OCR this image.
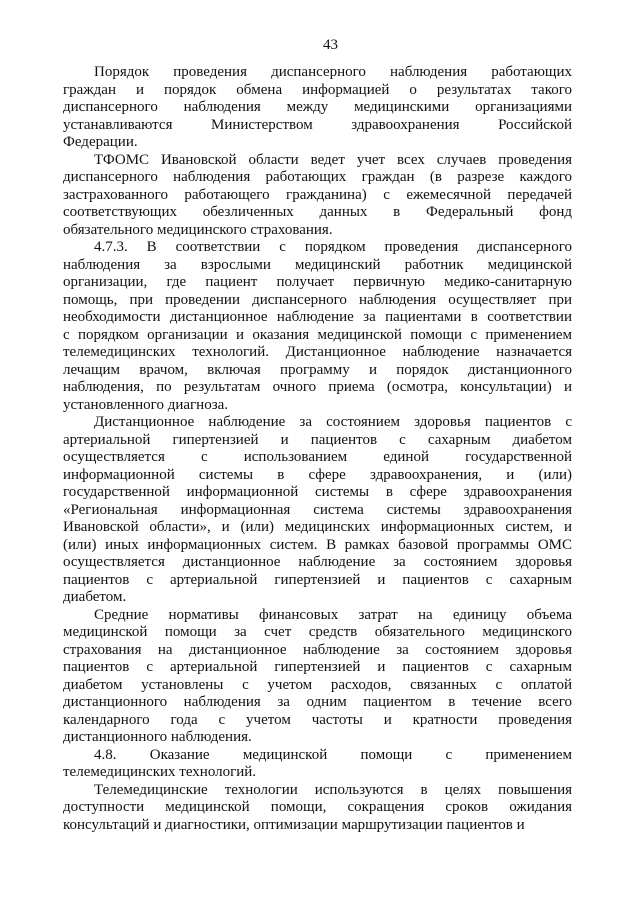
43

Порядок проведения диспансерного наблюдения работающих
граждан и порядок обмена информацией о результатах такого
диспансерного наблюдения между медицинскими организациями
устанавливаются Министерством здравоохранения Российской
Федерации.

ТФОМС Ивановской области ведет учет всех случаев проведения
диспансерного наблюдения работающих граждан (в разрезе каждого
застрахованного работающего гражданина) с ежемесячной передачей
соответствующих обезличенных данных в Федеральный фонд
обязательного медицинского страхования.

4.7.3. В соответствии с порядком проведения диспансерного
наблюдения за взрослыми медицинский работник медицинской
организации, где пациент получает первичную медико-санитарную
помощь, при проведении диспансерного наблюдения осуществляет при
необходимости дистанционное наблюдение за пациентами в соответствии
с порядком организации и оказания медицинской помощи с применением
телемедицинских технологий. Дистанционное наблюдение назначается
лечащим врачом, включая программу и порядок дистанционного
наблюдения, по результатам очного приема (осмотра, консультации) и
установленного диагноза.

Дистанционное наблюдение за состоянием здоровья пациентов с
артериальной гипертензией и пациентов с сахарным диабетом
осуществляется с использованием единой государственной
информационной системы в сфере здравоохранения, и (или)
государственной информационной системы в сфере здравоохранения
«Региональная информационная система системы здравоохранения
Ивановской области», и (или) медицинских информационных систем, и
(или) иных информационных систем. В рамках базовой программы ОМС
осуществляется дистанционное наблюдение за состоянием здоровья
пациентов с артериальной гипертензией и пациентов с сахарным
диабетом.

Средние нормативы финансовых затрат на единицу объема
медицинской помощи за счет средств обязательного медицинского
страхования на дистанционное наблюдение за состоянием здоровья
пациентов с артериальной гипертензией и пациентов с сахарным
диабетом установлены с учетом расходов, связанных с оплатой
дистанционного наблюдения за одним пациентом в течение всего
календарного года с учетом частоты и кратности проведения
дистанционного наблюдения.

4.8. Оказание медицинской помощи с применением
телемедицинских технологий.

Телемедицинские технологии используются в целях повышения
доступности медицинской помощи, сокращения сроков ожидания
консультаций и диагностики, оптимизации маршрутизации пациентов и
